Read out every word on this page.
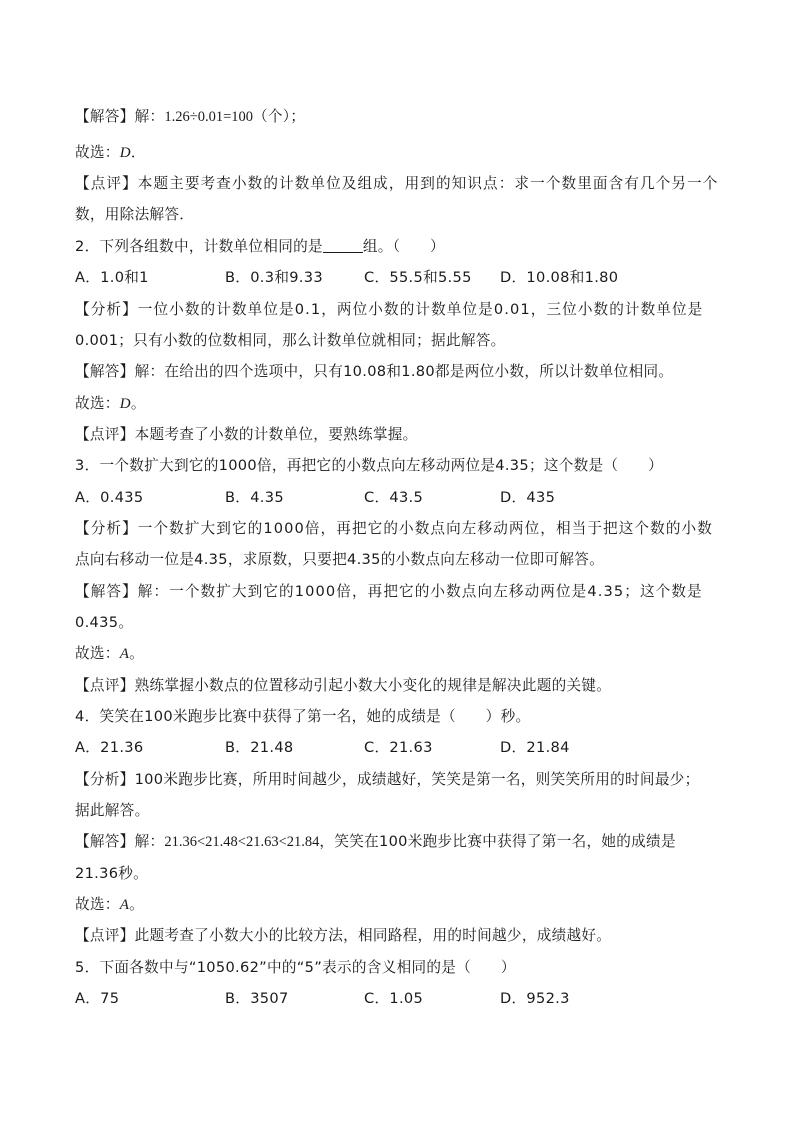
【解答】解：1.26÷0.01=100（个）；
故选：D．
【点评】本题主要考查小数的计数单位及组成，用到的知识点：求一个数里面含有几个另一个
数，用除法解答．
2．下列各组数中，计数单位相同的是	组。（　　）
A．1.0和1	B．0.3和9.33	C．55.5和5.55 D．10.08和1.80
【分析】一位小数的计数单位是0.1，两位小数的计数单位是0.01，三位小数的计数单位是
0.001；只有小数的位数相同，那么计数单位就相同；据此解答。
【解答】解：在给出的四个选项中，只有10.08和1.80都是两位小数，所以计数单位相同。
故选：D。
【点评】本题考查了小数的计数单位，要熟练掌握。
3．一个数扩大到它的1000倍，再把它的小数点向左移动两位是4.35；这个数是（　　）
A．0.435	B．4.35	C．43.5	D．435
【分析】一个数扩大到它的1000倍，再把它的小数点向左移动两位，相当于把这个数的小数
点向右移动一位是4.35，求原数，只要把4.35的小数点向左移动一位即可解答。
【解答】解：一个数扩大到它的1000倍，再把它的小数点向左移动两位是4.35；这个数是
0.435。
故选：A。
【点评】熟练掌握小数点的位置移动引起小数大小变化的规律是解决此题的关键。
4．笑笑在100米跑步比赛中获得了第一名，她的成绩是（　　）秒。
A．21.36	B．21.48	C．21.63	D．21.84
【分析】100米跑步比赛，所用时间越少，成绩越好，笑笑是第一名，则笑笑所用的时间最少；
据此解答。
【解答】解：21.36<21.48<21.63<21.84，笑笑在100米跑步比赛中获得了第一名，她的成绩是
21.36秒。
故选：A。
【点评】此题考查了小数大小的比较方法，相同路程，用的时间越少，成绩越好。
5．下面各数中与“1050.62”中的“5”表示的含义相同的是（　　）
A．75	B．3507	C．1.05	D．952.3
